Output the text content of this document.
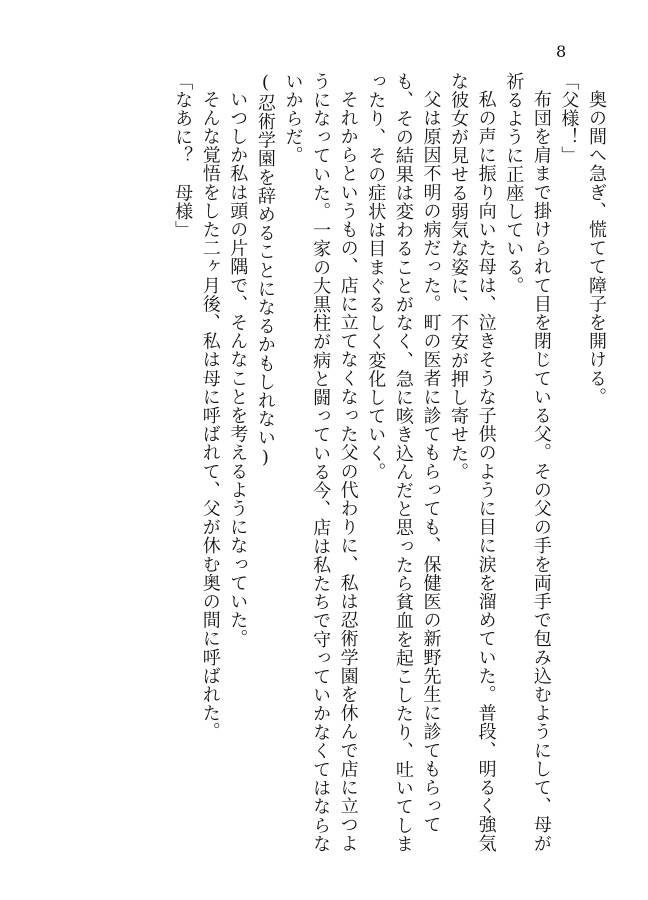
8

奥の間へ急ぎ、慌てて障子を開ける。

「父様！」

布団を肩まで掛けられて目を閉じている父。その父の手を両手で包み込むようにして、母が祈るように正座している。

私の声に振り向いた母は、泣きそうな子供のように目に涙を溜めていた。普段、明るく強気な彼女が見せる弱気な姿に、不安が押し寄せた。

父は原因不明の病だった。町の医者に診てもらっても、保健医の新野先生に診てもらっても、その結果は変わることがなく、急に咳き込んだと思ったら貧血を起こしたり、吐いてしまったり、その症状は目まぐるしく変化していく。

それからというもの、店に立てなくなった父の代わりに、私は忍術学園を休んで店に立つようになっていた。一家の大黒柱が病と闘っている今、店は私たちで守っていかなくてはならないからだ。

(忍術学園を辞めることになるかもしれない)

いつしか私は頭の片隅で、そんなことを考えるようになっていた。

そんな覚悟をした二ヶ月後、私は母に呼ばれて、父が休む奥の間に呼ばれた。

「なあに？　母様」
